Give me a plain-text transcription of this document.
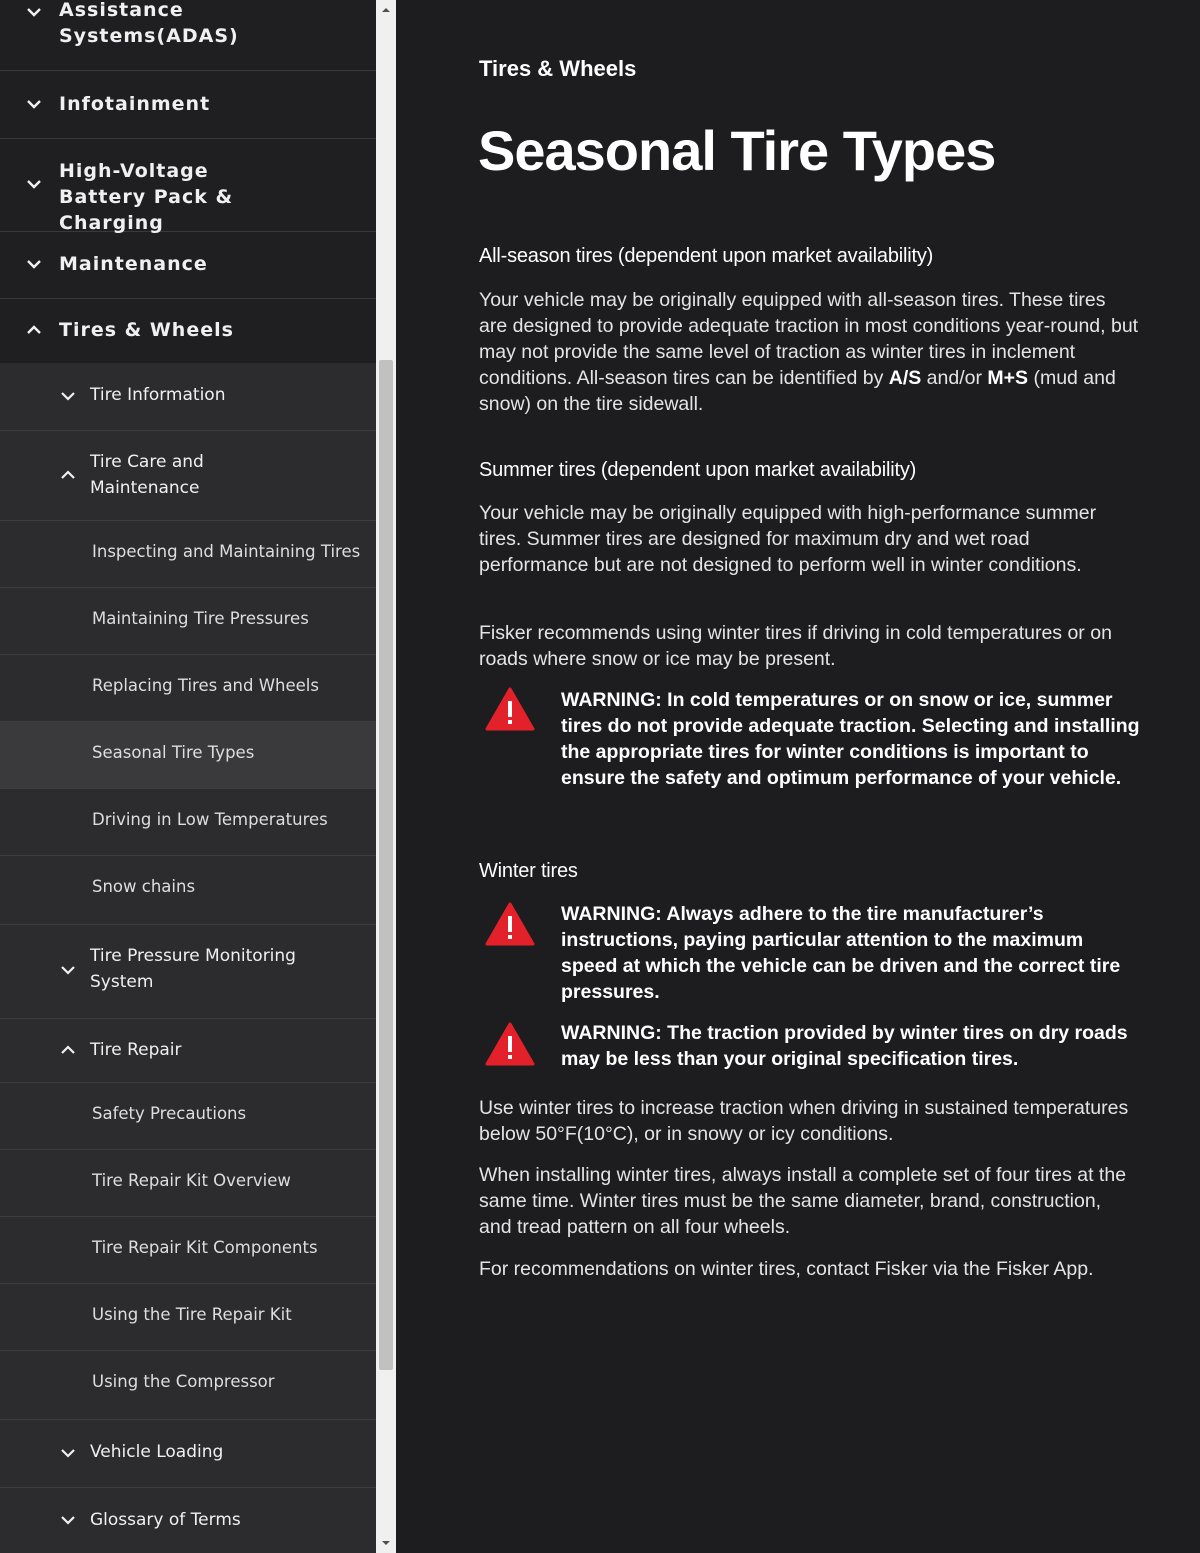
Assistance Systems(ADAS)
Infotainment
High-Voltage Battery Pack & Charging
Maintenance
Tires & Wheels
Tire Information
Tire Care and Maintenance
Inspecting and Maintaining Tires
Maintaining Tire Pressures
Replacing Tires and Wheels
Seasonal Tire Types
Driving in Low Temperatures
Snow chains
Tire Pressure Monitoring System
Tire Repair
Safety Precautions
Tire Repair Kit Overview
Tire Repair Kit Components
Using the Tire Repair Kit
Using the Compressor
Vehicle Loading
Glossary of Terms
Tires & Wheels
Seasonal Tire Types
All-season tires (dependent upon market availability)

Your vehicle may be originally equipped with all-season tires. These tires are designed to provide adequate traction in most conditions year-round, but may not provide the same level of traction as winter tires in inclement conditions. All-season tires can be identified by A/S and/or M+S (mud and snow) on the tire sidewall.

Summer tires (dependent upon market availability)

Your vehicle may be originally equipped with high-performance summer tires. Summer tires are designed for maximum dry and wet road performance but are not designed to perform well in winter conditions.

Fisker recommends using winter tires if driving in cold temperatures or on roads where snow or ice may be present.

WARNING: In cold temperatures or on snow or ice, summer tires do not provide adequate traction. Selecting and installing the appropriate tires for winter conditions is important to ensure the safety and optimum performance of your vehicle.
Winter tires
WARNING: Always adhere to the tire manufacturer’s instructions, paying particular attention to the maximum speed at which the vehicle can be driven and the correct tire pressures.
WARNING: The traction provided by winter tires on dry roads may be less than your original specification tires.

Use winter tires to increase traction when driving in sustained temperatures below 50°F(10°C), or in snowy or icy conditions.

When installing winter tires, always install a complete set of four tires at the same time. Winter tires must be the same diameter, brand, construction, and tread pattern on all four wheels.

For recommendations on winter tires, contact Fisker via the Fisker App.
